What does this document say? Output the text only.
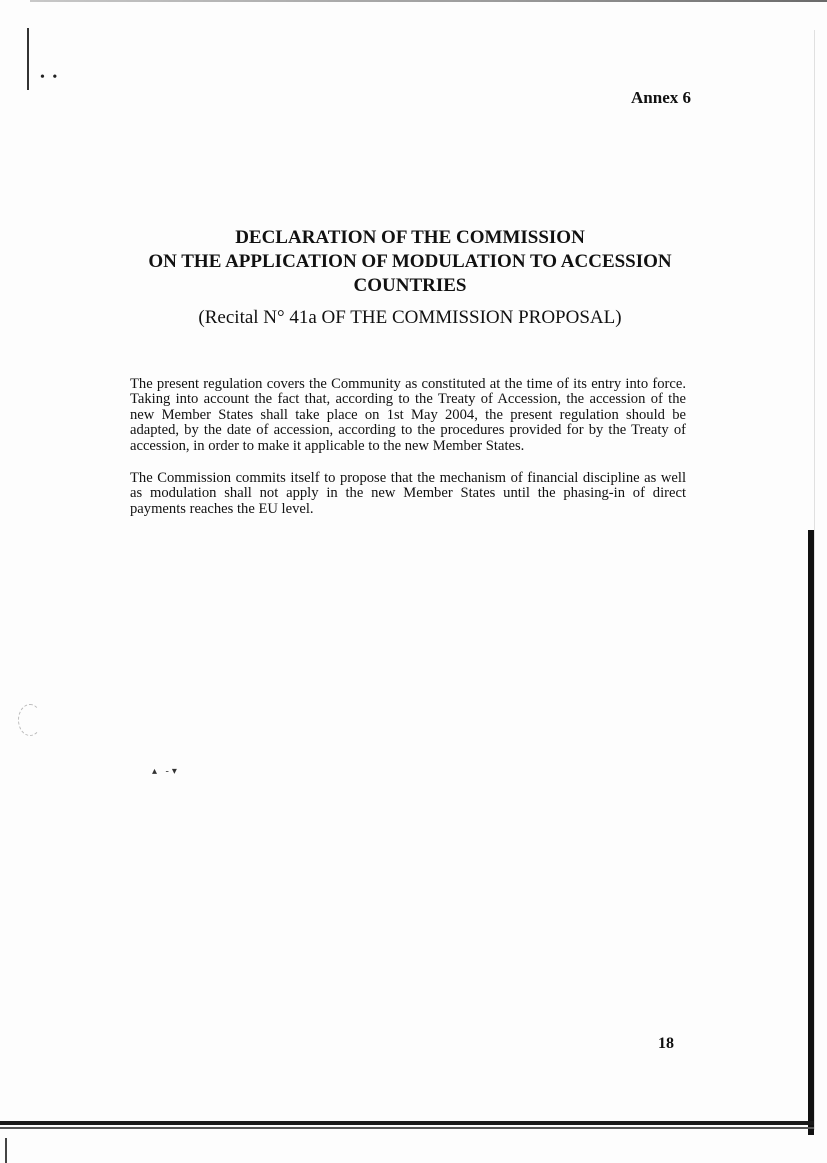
• •
▴ ‐▾
Annex 6
DECLARATION OF THE COMMISSION
ON THE APPLICATION OF MODULATION TO ACCESSION
COUNTRIES
(Recital N° 41a OF THE COMMISSION PROPOSAL)

The present regulation covers the Community as constituted at the time of its entry into force. Taking into account the fact that, according to the Treaty of Accession, the accession of the new Member States shall take place on 1st May 2004, the present regulation should be adapted, by the date of accession, according to the procedures provided for by the Treaty of accession, in order to make it applicable to the new Member States.

The Commission commits itself to propose that the mechanism of financial discipline as well as modulation shall not apply in the new Member States until the phasing-in of direct payments reaches the EU level.

18
